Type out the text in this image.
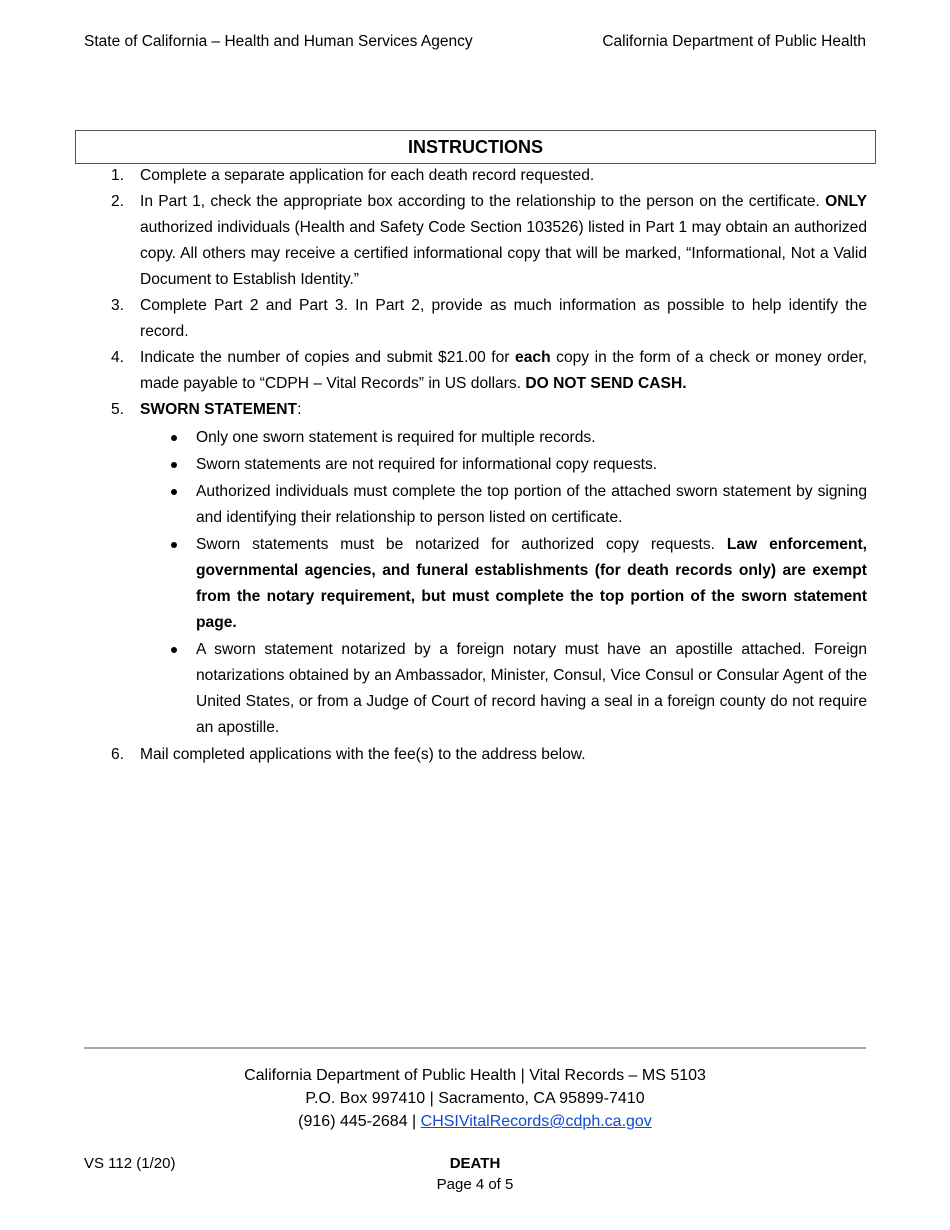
State of California – Health and Human Services Agency	California Department of Public Health
INSTRUCTIONS
1. Complete a separate application for each death record requested.
2. In Part 1, check the appropriate box according to the relationship to the person on the certificate. ONLY authorized individuals (Health and Safety Code Section 103526) listed in Part 1 may obtain an authorized copy. All others may receive a certified informational copy that will be marked, “Informational, Not a Valid Document to Establish Identity.”
3. Complete Part 2 and Part 3. In Part 2, provide as much information as possible to help identify the record.
4. Indicate the number of copies and submit $21.00 for each copy in the form of a check or money order, made payable to “CDPH – Vital Records” in US dollars. DO NOT SEND CASH.
5. SWORN STATEMENT:
Only one sworn statement is required for multiple records.
Sworn statements are not required for informational copy requests.
Authorized individuals must complete the top portion of the attached sworn statement by signing and identifying their relationship to person listed on certificate.
Sworn statements must be notarized for authorized copy requests. Law enforcement, governmental agencies, and funeral establishments (for death records only) are exempt from the notary requirement, but must complete the top portion of the sworn statement page.
A sworn statement notarized by a foreign notary must have an apostille attached. Foreign notarizations obtained by an Ambassador, Minister, Consul, Vice Consul or Consular Agent of the United States, or from a Judge of Court of record having a seal in a foreign county do not require an apostille.
6. Mail completed applications with the fee(s) to the address below.
California Department of Public Health | Vital Records – MS 5103
P.O. Box 997410 | Sacramento, CA 95899-7410
(916) 445-2684 | CHSIVitalRecords@cdph.ca.gov
VS 112 (1/20)	DEATH
Page 4 of 5
